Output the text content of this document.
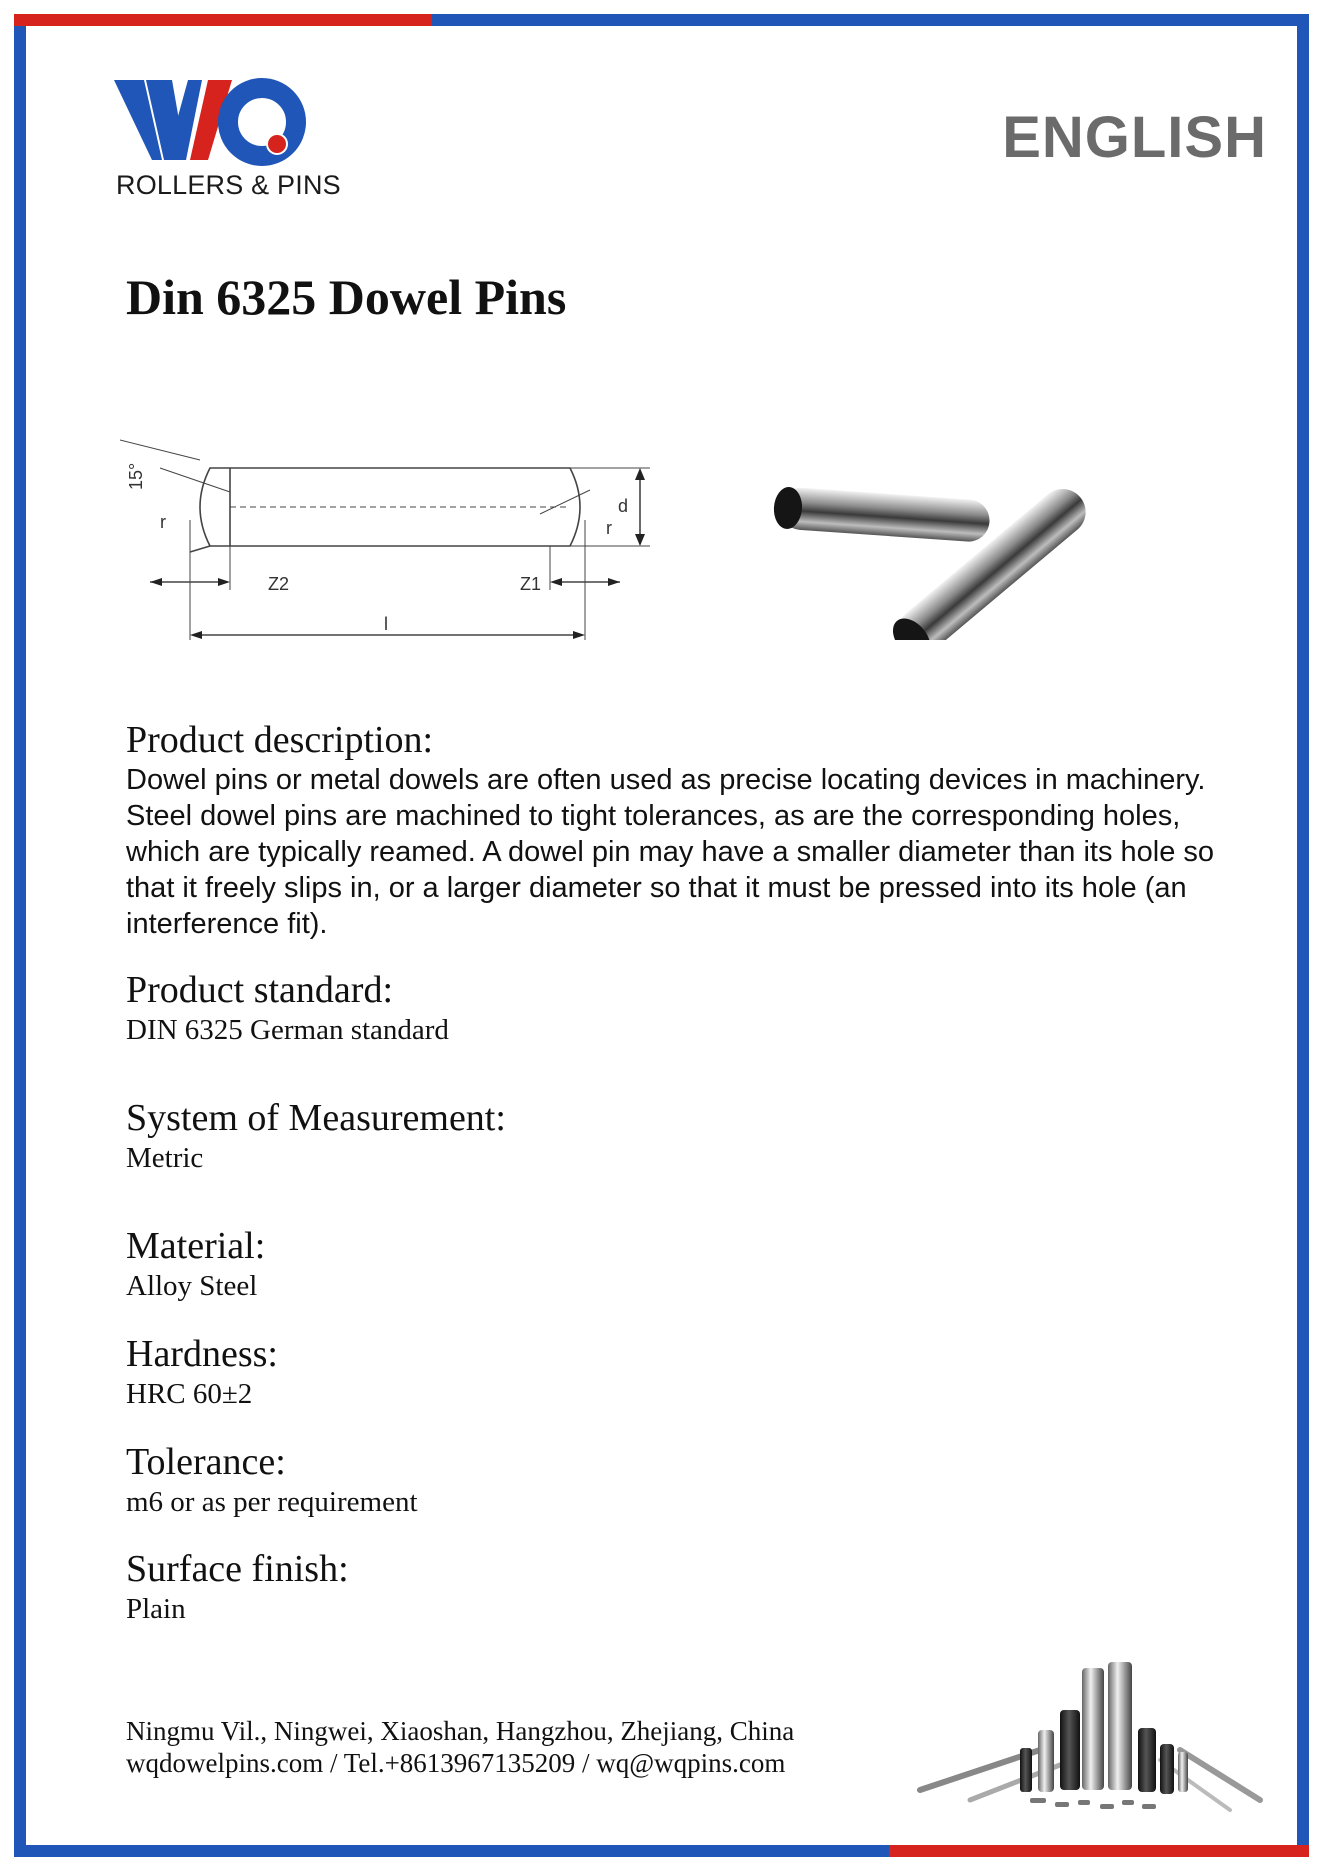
ROLLERS & PINS
ENGLISH
Din 6325 Dowel Pins
15°
r	r
d
Z2	Z1
l
Product description:
Dowel pins or metal dowels are often used as precise locating devices in machinery. Steel dowel pins are machined to tight tolerances, as are the corresponding holes, which are typically reamed. A dowel pin may have a smaller diameter than its hole so that it freely slips in, or a larger diameter so that it must be pressed into its hole (an interference fit).
Product standard:
DIN 6325 German standard
System of Measurement:
Metric
Material:
Alloy Steel
Hardness:
HRC 60±2
Tolerance:
m6 or as per requirement
Surface finish:
Plain
Ningmu Vil., Ningwei, Xiaoshan, Hangzhou, Zhejiang, China
wqdowelpins.com / Tel.+8613967135209 / wq@wqpins.com
